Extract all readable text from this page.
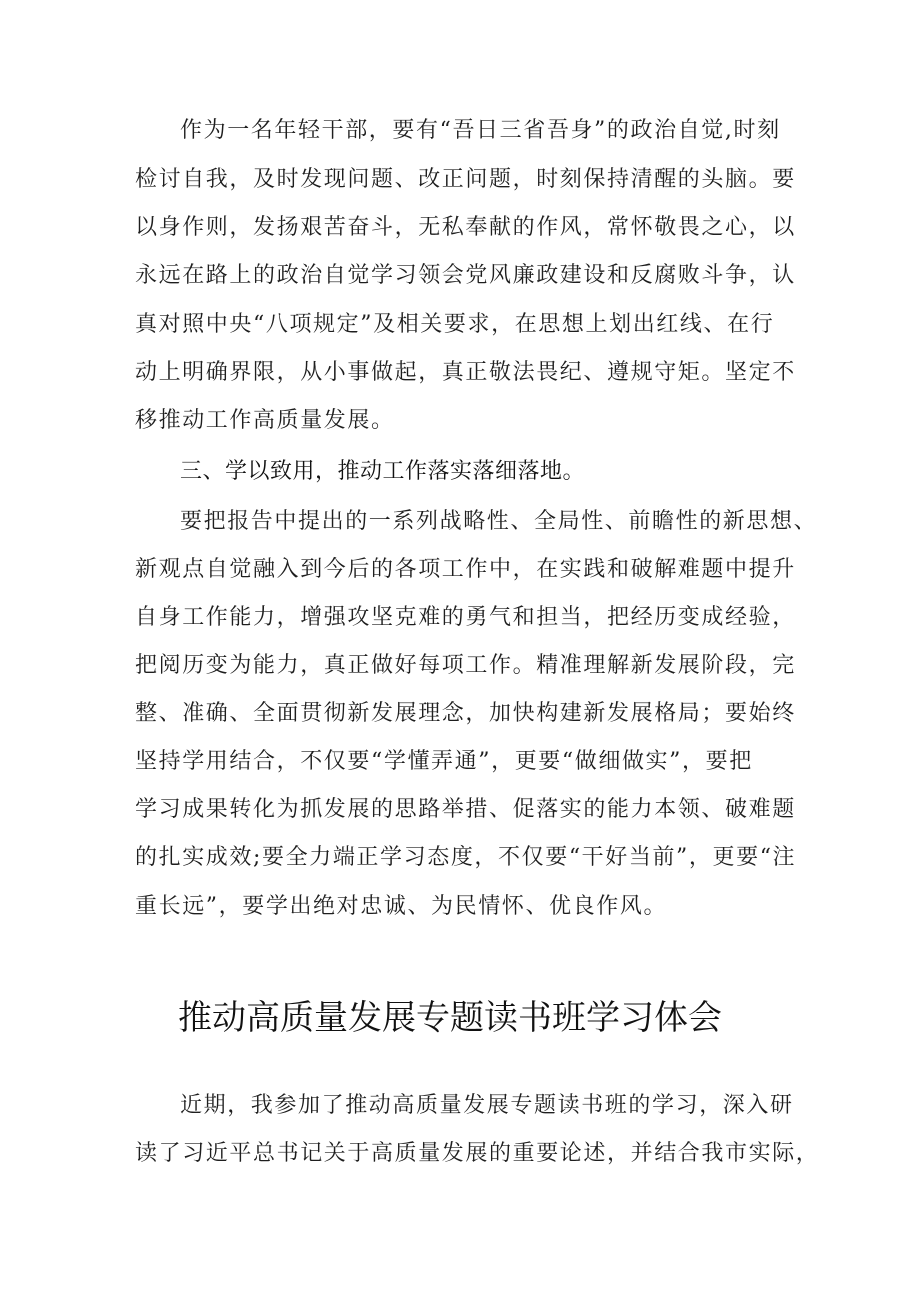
作为一名年轻干部，要有“吾日三省吾身”的政治自觉,时刻
检讨自我，及时发现问题、改正问题，时刻保持清醒的头脑。要
以身作则，发扬艰苦奋斗，无私奉献的作风，常怀敬畏之心，以
永远在路上的政治自觉学习领会党风廉政建设和反腐败斗争，认
真对照中央“八项规定”及相关要求，在思想上划出红线、在行
动上明确界限，从小事做起，真正敬法畏纪、遵规守矩。坚定不
移推动工作高质量发展。
三、学以致用，推动工作落实落细落地。
要把报告中提出的一系列战略性、全局性、前瞻性的新思想、
新观点自觉融入到今后的各项工作中，在实践和破解难题中提升
自身工作能力，增强攻坚克难的勇气和担当，把经历变成经验，
把阅历变为能力，真正做好每项工作。精准理解新发展阶段，完
整、准确、全面贯彻新发展理念，加快构建新发展格局；要始终
坚持学用结合，不仅要“学懂弄通”，更要“做细做实”，要把
学习成果转化为抓发展的思路举措、促落实的能力本领、破难题
的扎实成效;要全力端正学习态度，不仅要“干好当前”，更要“注
重长远”，要学出绝对忠诚、为民情怀、优良作风。
推动高质量发展专题读书班学习体会
近期，我参加了推动高质量发展专题读书班的学习，深入研
读了习近平总书记关于高质量发展的重要论述，并结合我市实际，
